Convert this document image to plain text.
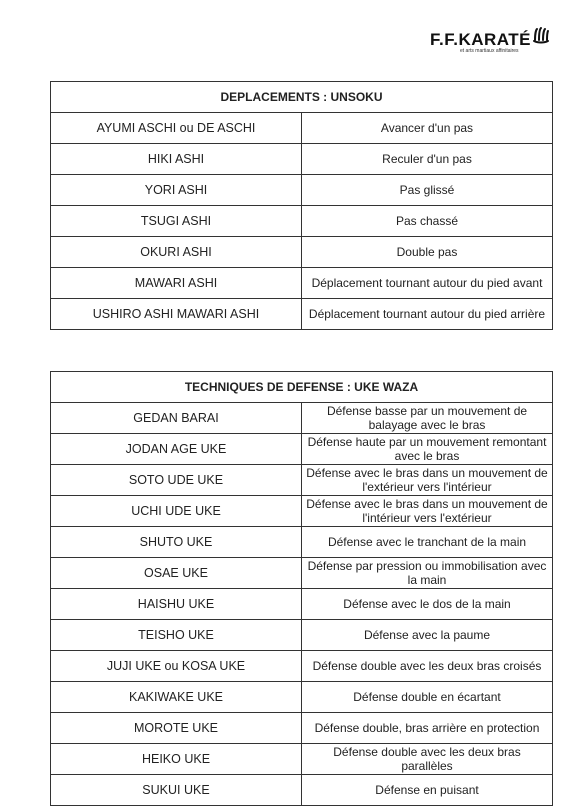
F.F.KARATÉ
et arts martiaux affinitaires
DEPLACEMENTS : UNSOKU	
AYUMI ASCHI ou DE ASCHI	Avancer d'un pas
HIKI ASHI	Reculer d'un pas
YORI ASHI	Pas glissé
TSUGI ASHI	Pas chassé
OKURI ASHI	Double pas
MAWARI ASHI	Déplacement tournant autour du pied avant
USHIRO ASHI MAWARI ASHI	Déplacement tournant autour du pied arrière
TECHNIQUES DE DEFENSE : UKE WAZA	
GEDAN BARAI	Défense basse par un mouvement de balayage avec le bras
JODAN AGE UKE	Défense haute par un mouvement remontant avec le bras
SOTO UDE UKE	Défense avec le bras dans un mouvement de l'extérieur vers l'intérieur
UCHI UDE UKE	Défense avec le bras dans un mouvement de l'intérieur vers l'extérieur
SHUTO UKE	Défense avec le tranchant de la main
OSAE UKE	Défense par pression ou immobilisation avec la main
HAISHU UKE	Défense avec le dos de la main
TEISHO UKE	Défense avec la paume
JUJI UKE ou KOSA UKE	Défense double avec les deux bras croisés
KAKIWAKE UKE	Défense double en écartant
MOROTE UKE	Défense double, bras arrière en protection
HEIKO UKE	Défense double avec les deux bras parallèles
SUKUI UKE	Défense en puisant
